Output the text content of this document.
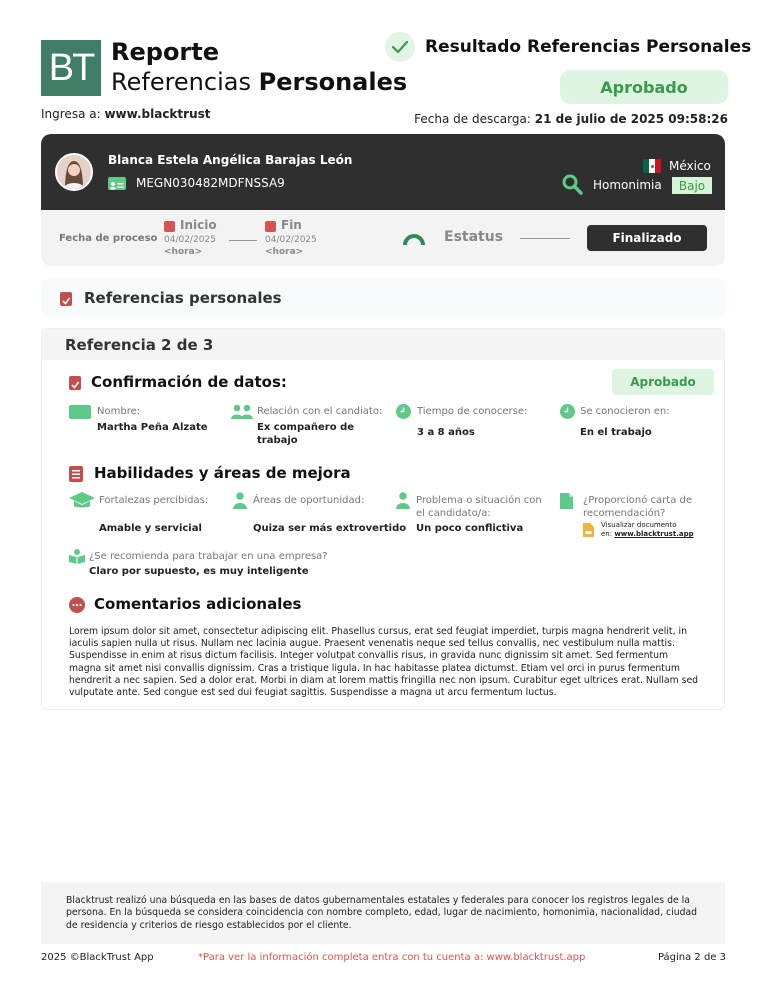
BT Reporte
Referencias Personales
Resultado Referencias Personales
Aprobado
Ingresa a: www.blacktrust	Fecha de descarga: 21 de julio de 2025 09:58:26
Blanca Estela Angélica Barajas León
MEGN030482MDFNSSA9
México
Homonimia	Bajo
Fecha de proceso
Inicio
04/02/2025
<hora>
Fin
04/02/2025
<hora>
Estatus	Finalizado
Referencias personales
Referencia 2 de 3
Confirmación de datos:	Aprobado
Nombre:
Martha Peña Alzate
Relación con el candiato:
Ex compañero de trabajo
Tiempo de conocerse:
3 a 8 años
Se conocieron en:
En el trabajo
Habilidades y áreas de mejora
Fortalezas percibidas:
Amable y servicial
Áreas de oportunidad:
Quiza ser más extrovertido
Problema o situación con el candidato/a:
Un poco conflictiva
¿Proporcionó carta de recomendación?
Visualizar documento
en: www.blacktrust.app
¿Se recomienda para trabajar en una empresa?
Claro por supuesto, es muy inteligente
Comentarios adicionales
Lorem ipsum dolor sit amet, consectetur adipiscing elit. Phasellus cursus, erat sed feugiat imperdiet, turpis magna hendrerit velit, in iaculis sapien nulla ut risus. Nullam nec lacinia augue. Praesent venenatis neque sed tellus convallis, nec vestibulum nulla mattis. Suspendisse in enim at risus dictum facilisis. Integer volutpat convallis risus, in gravida nunc dignissim sit amet. Sed fermentum magna sit amet nisi convallis dignissim. Cras a tristique ligula. In hac habitasse platea dictumst. Etiam vel orci in purus fermentum hendrerit a nec sapien. Sed a dolor erat. Morbi in diam at lorem mattis fringilla nec non ipsum. Curabitur eget ultrices erat. Nullam sed vulputate ante. Sed congue est sed dui feugiat sagittis. Suspendisse a magna ut arcu fermentum luctus.
Blacktrust realizó una búsqueda en las bases de datos gubernamentales estatales y federales para conocer los registros legales de la persona. En la búsqueda se considera coincidencia con nombre completo, edad, lugar de nacimiento, homonimia, nacionalidad, ciudad de residencia y criterios de riesgo establecidos por el cliente.
2025 ©BlackTrust App	*Para ver la información completa entra con tu cuenta a: www.blacktrust.app	Página 2 de 3
